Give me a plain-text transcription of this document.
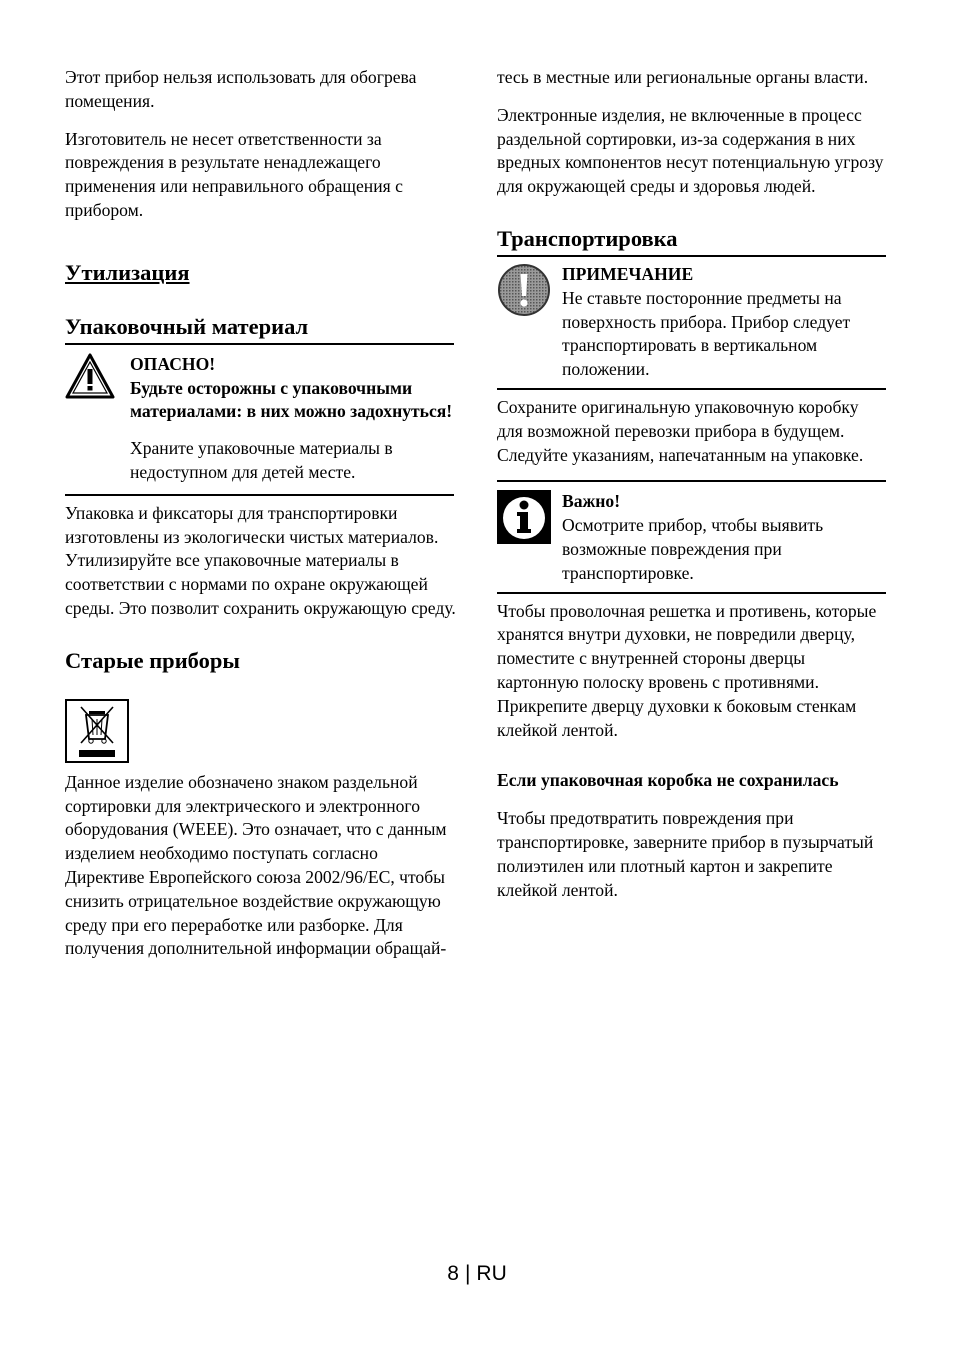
Этот прибор нельзя использовать для обогрева помещения.

Изготовитель не несет ответственности за повреждения в результате ненадлежащего применения или неправильного обращения с прибором.

Утилизация
Упаковочный материал

ОПАСНО!

Будьте осторожны с упаковочными материалами: в них можно задохнуться!

Храните упаковочные материалы в недоступном для детей месте.

Упаковка и фиксаторы для транспортировки изготовлены из экологически чистых материалов. Утилизируйте все упаковочные материалы в соответствии с нормами по охране окружающей среды. Это позволит сохранить окружающую среду.

Старые приборы

Данное изделие обозначено знаком раздельной сортировки для электрического и электронного оборудования (WEEE). Это означает, что с данным изделием необходимо поступать согласно Директиве Европейского союза 2002/96/EC, чтобы снизить отрицательное воздействие окружающую среду при его переработке или разборке. Для получения дополнительной информации обращай-

тесь в местные или региональные органы власти.

Электронные изделия, не включенные в процесс раздельной сортировки, из-за содержания в них вредных компонентов несут потенциальную угрозу для окружающей среды и здоровья людей.

Транспортировка

ПРИМЕЧАНИЕ

Не ставьте посторонние предметы на поверхность прибора. Прибор следует транспортировать в вертикальном положении.

Сохраните оригинальную упаковочную коробку для возможной перевозки прибора в будущем. Следуйте указаниям, напечатанным на упаковке.

Важно!

Осмотрите прибор, чтобы выявить возможные повреждения при транспортировке.

Чтобы проволочная решетка и противень, которые хранятся внутри духовки, не повредили дверцу, поместите с внутренней стороны дверцы картонную полоску вровень с противнями. Прикрепите дверцу духовки к боковым стенкам клейкой лентой.

Если упаковочная коробка не сохранилась

Чтобы предотвратить повреждения при транспортировке, заверните прибор в пузырчатый полиэтилен или плотный картон и закрепите клейкой лентой.

8 | RU
